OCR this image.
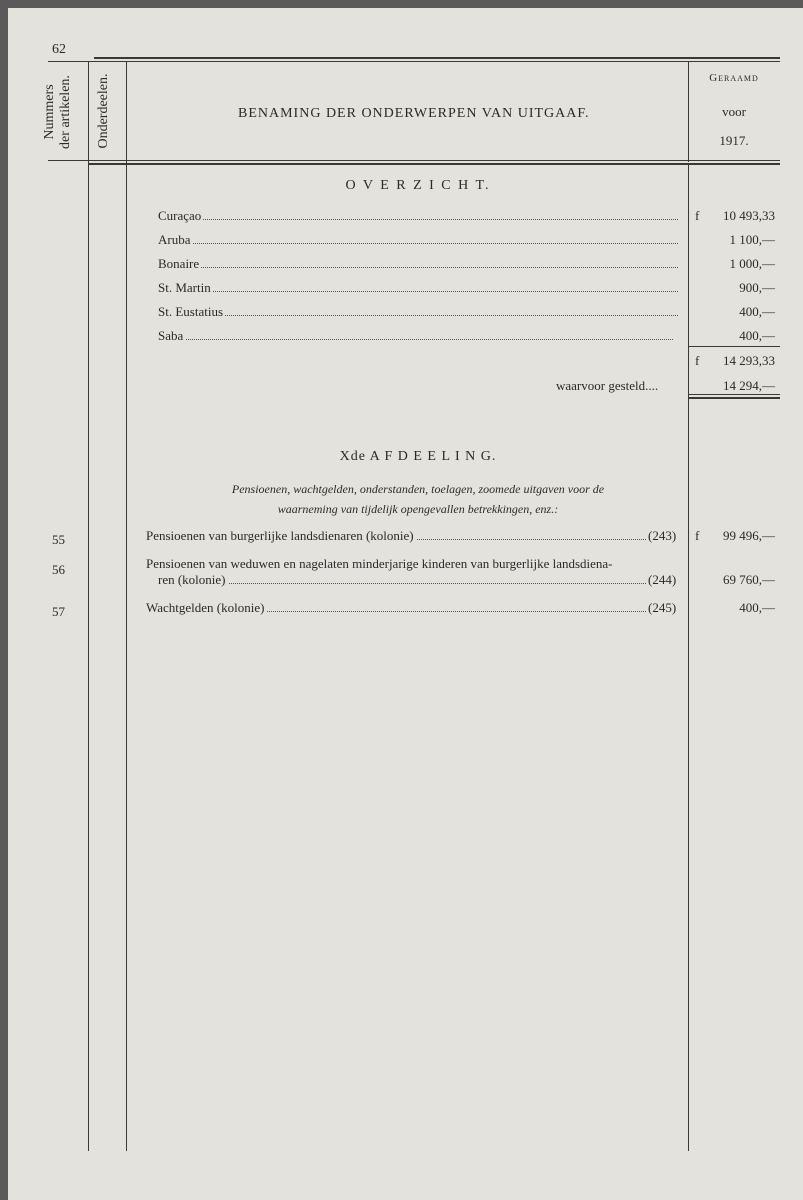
62
Nummers der artikelen. Onderdeelen.	BENAMING DER ONDERWERPEN VAN UITGAAF.
Geraamd
voor
1917.
O V E R Z I C H T.
f
Curaçao	10 493,33
Aruba	1 100,—
Bonaire	1 000,—
St. Martin	900,—
St. Eustatius	400,—
Saba	400,—
f 14 293,33
waarvoor gesteld....	14 294,—
Xde A F D E E L I N G.
Pensioenen, wachtgelden, onderstanden, toelagen, zoomede uitgaven voor de
waarneming van tijdelijk opengevallen betrekkingen, enz.:
55	Pensioenen van burgerlijke landsdienaren (kolonie)	(243) f 99 496,—
56	Pensioenen van weduwen en nagelaten minderjarige kinderen van burgerlijke landsdiena-
ren (kolonie)	(244)	69 760,—
57	Wachtgelden (kolonie)	(245)	400,—
